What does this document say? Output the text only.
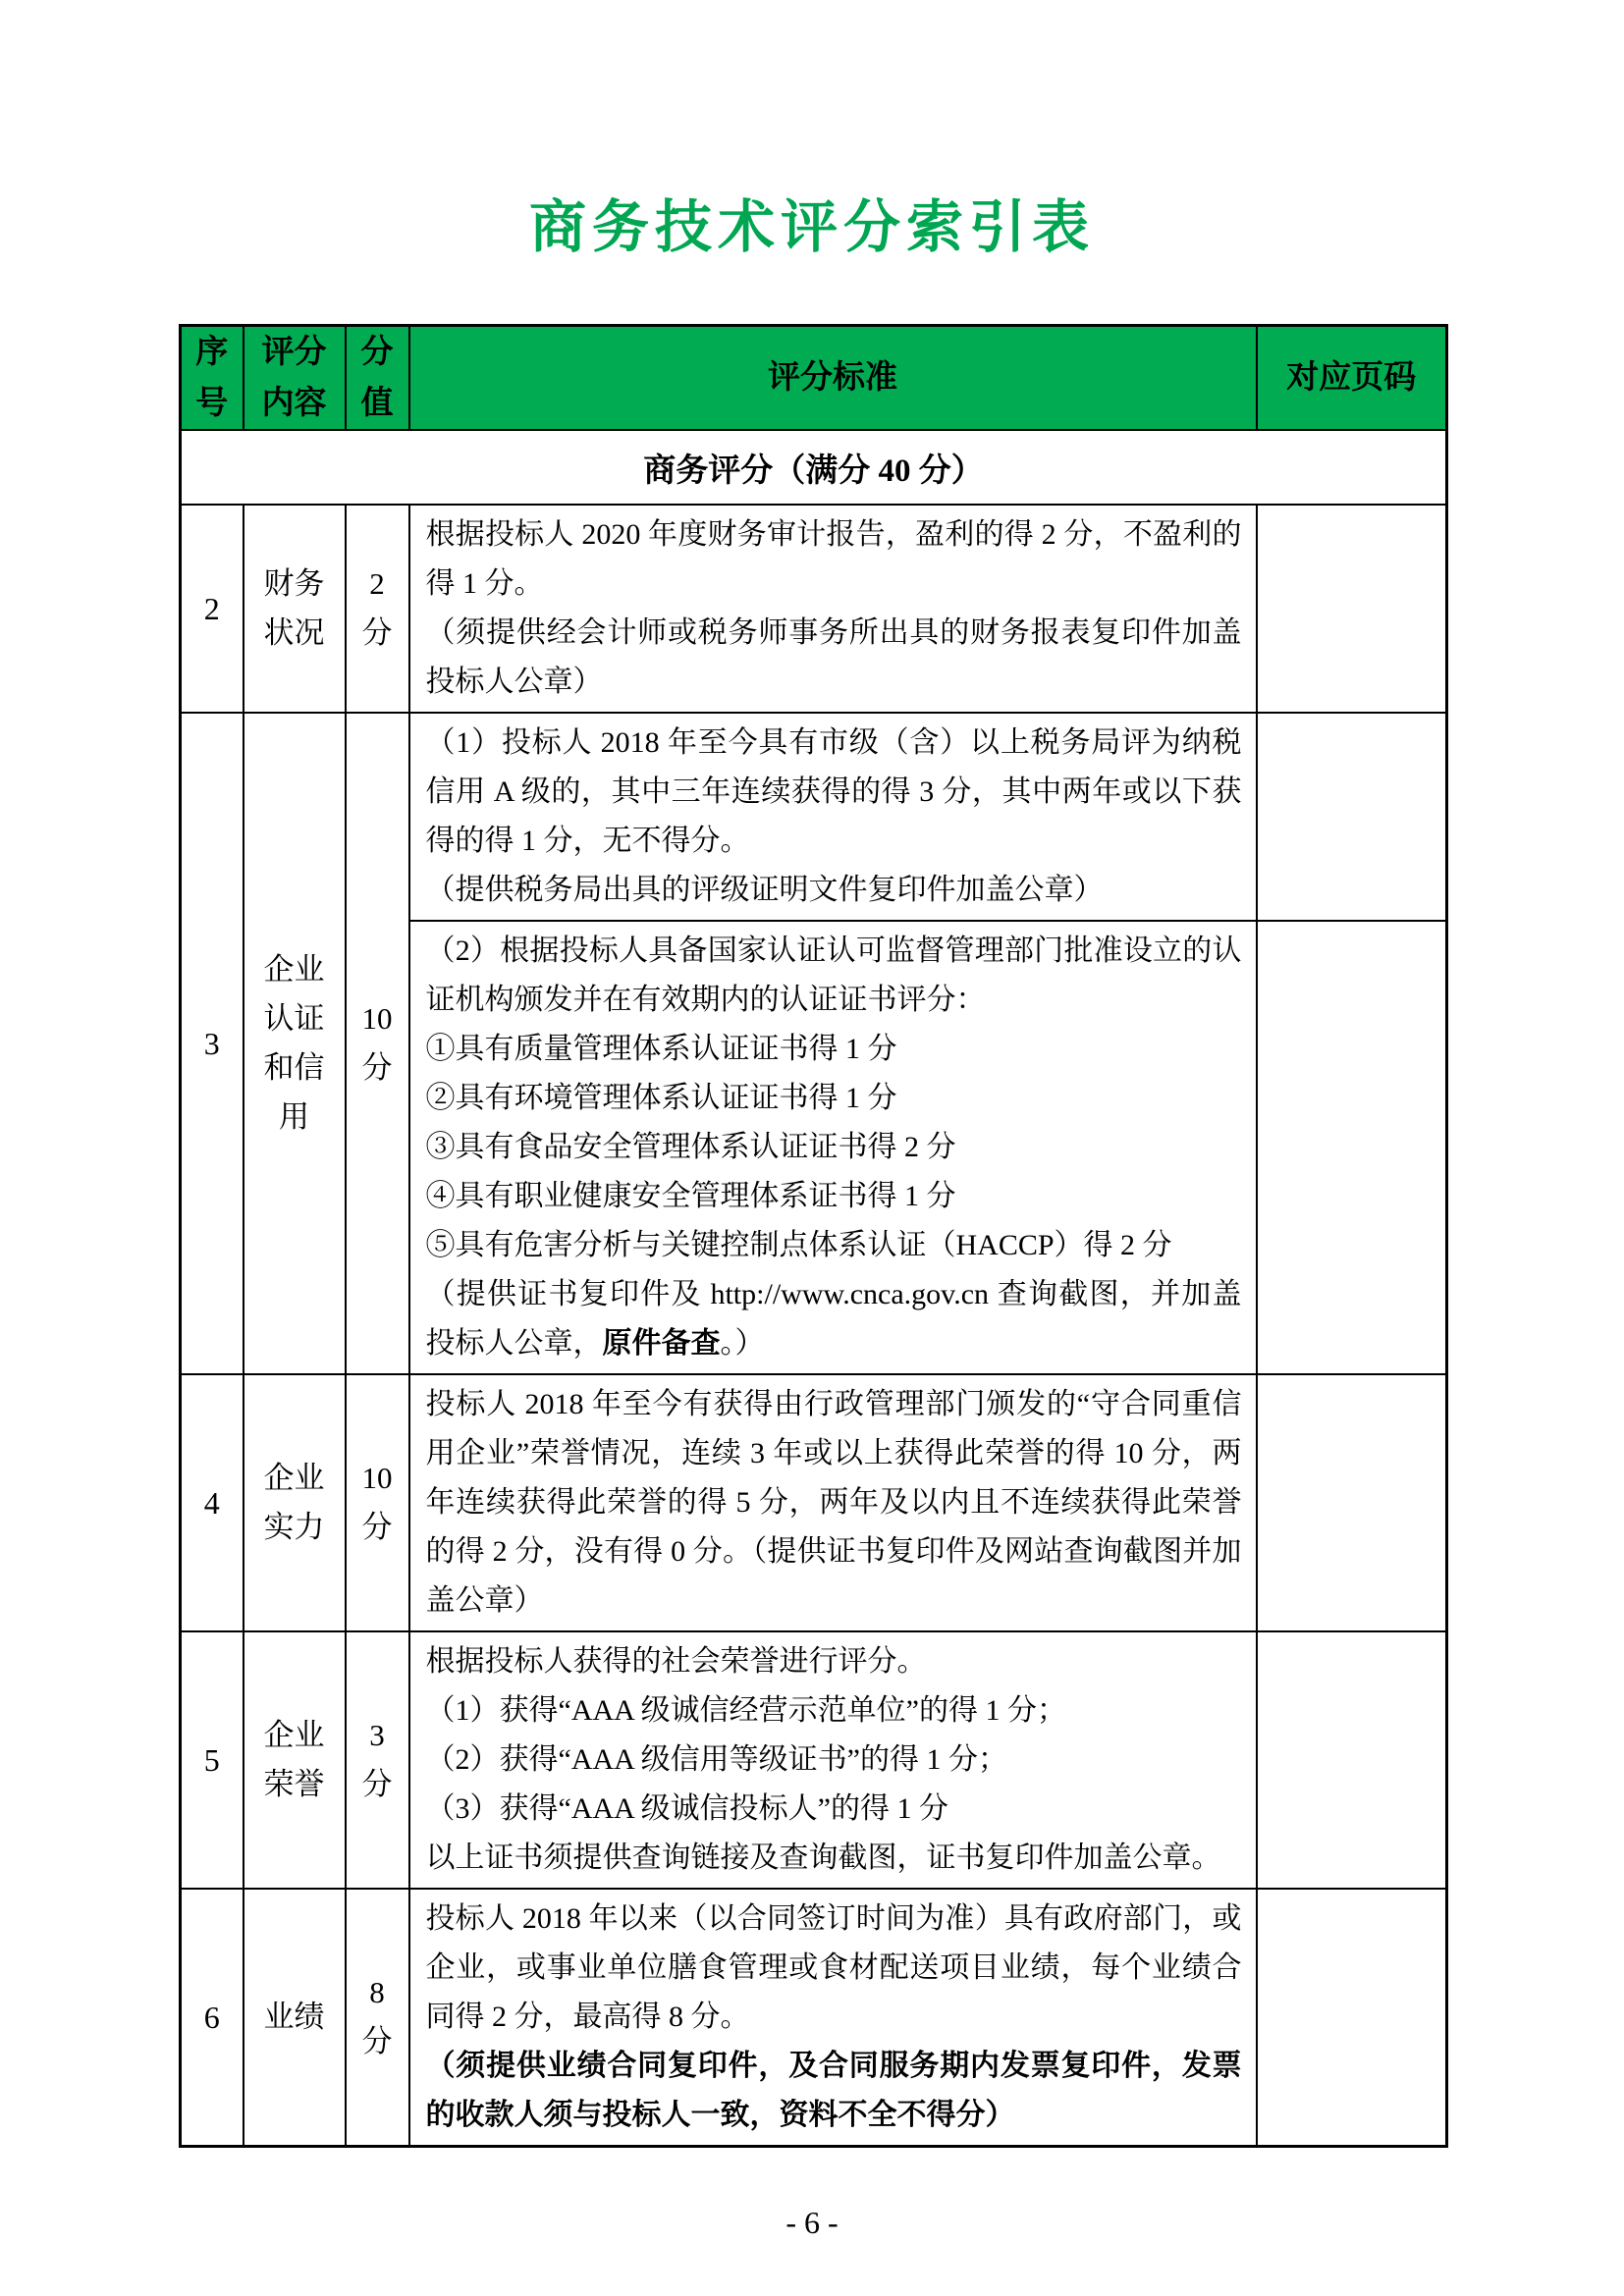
商务技术评分索引表
序号	评分内容	分值	评分标准	对应页码
商务评分（满分 40 分）				
2	财务状况	2 分	根据投标人 2020 年度财务审计报告，盈利的得 2 分，不盈利的得 1 分。

（须提供经会计师或税务师事务所出具的财务报表复印件加盖投标人公章）	

3	企业认证和信用	10 分	（1）投标人 2018 年至今具有市级（含）以上税务局评为纳税信用 A 级的，其中三年连续获得的得 3 分，其中两年或以下获得的得 1 分，无不得分。

（提供税务局出具的评级证明文件复印件加盖公章）	

（2）根据投标人具备国家认证认可监督管理部门批准设立的认证机构颁发并在有效期内的认证证书评分：

①具有质量管理体系认证证书得 1 分

②具有环境管理体系认证证书得 1 分

③具有食品安全管理体系认证证书得 2 分

④具有职业健康安全管理体系证书得 1 分

⑤具有危害分析与关键控制点体系认证（HACCP）得 2 分

（提供证书复印件及 http://www.cnca.gov.cn 查询截图，并加盖投标人公章，原件备查。）

4	企业实力	10 分	投标人 2018 年至今有获得由行政管理部门颁发的“守合同重信用企业”荣誉情况，连续 3 年或以上获得此荣誉的得 10 分，两年连续获得此荣誉的得 5 分，两年及以内且不连续获得此荣誉的得 2 分，没有得 0 分。（提供证书复印件及网站查询截图并加盖公章）	

5	企业荣誉	3 分	根据投标人获得的社会荣誉进行评分。

（1）获得“AAA 级诚信经营示范单位”的得 1 分；

（2）获得“AAA 级信用等级证书”的得 1 分；

（3）获得“AAA 级诚信投标人”的得 1 分

以上证书须提供查询链接及查询截图，证书复印件加盖公章。	

6	业绩	8 分	投标人 2018 年以来（以合同签订时间为准）具有政府部门，或企业，或事业单位膳食管理或食材配送项目业绩，每个业绩合同得 2 分，最高得 8 分。

（须提供业绩合同复印件，及合同服务期内发票复印件，发票的收款人须与投标人一致，资料不全不得分）	

- 6 -
